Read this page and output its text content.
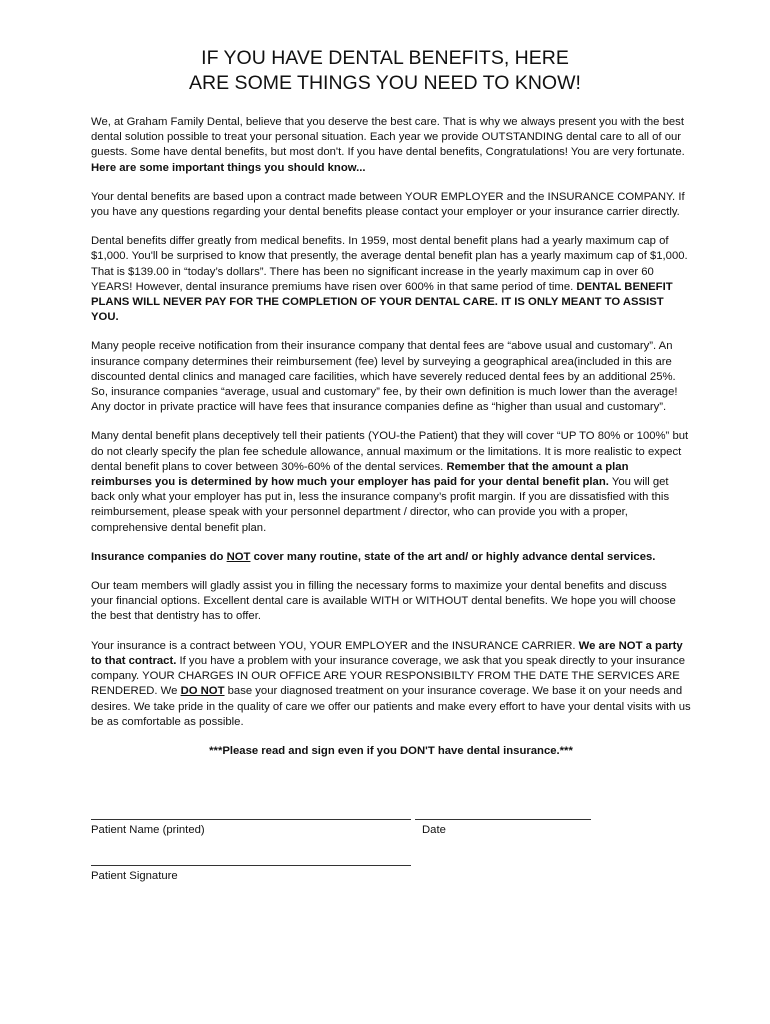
IF YOU HAVE DENTAL BENEFITS, HERE
ARE SOME THINGS YOU NEED TO KNOW!

We, at Graham Family Dental, believe that you deserve the best care. That is why we always present you with the best dental solution possible to treat your personal situation. Each year we provide OUTSTANDING dental care to all of our guests. Some have dental benefits, but most don't. If you have dental benefits, Congratulations! You are very fortunate. Here are some important things you should know...

Your dental benefits are based upon a contract made between YOUR EMPLOYER and the INSURANCE COMPANY. If you have any questions regarding your dental benefits please contact your employer or your insurance carrier directly.

Dental benefits differ greatly from medical benefits. In 1959, most dental benefit plans had a yearly maximum cap of $1,000. You'll be surprised to know that presently, the average dental benefit plan has a yearly maximum cap of $1,000. That is $139.00 in “today’s dollars”. There has been no significant increase in the yearly maximum cap in over 60 YEARS! However, dental insurance premiums have risen over 600% in that same period of time. DENTAL BENEFIT PLANS WILL NEVER PAY FOR THE COMPLETION OF YOUR DENTAL CARE. IT IS ONLY MEANT TO ASSIST YOU.

Many people receive notification from their insurance company that dental fees are “above usual and customary”. An insurance company determines their reimbursement (fee) level by surveying a geographical area(included in this are discounted dental clinics and managed care facilities, which have severely reduced dental fees by an additional 25%. So, insurance companies “average, usual and customary” fee, by their own definition is much lower than the average! Any doctor in private practice will have fees that insurance companies define as “higher than usual and customary”.

Many dental benefit plans deceptively tell their patients (YOU-the Patient) that they will cover “UP TO 80% or 100%” but do not clearly specify the plan fee schedule allowance, annual maximum or the limitations. It is more realistic to expect dental benefit plans to cover between 30%-60% of the dental services. Remember that the amount a plan reimburses you is determined by how much your employer has paid for your dental benefit plan. You will get back only what your employer has put in, less the insurance company’s profit margin. If you are dissatisfied with this reimbursement, please speak with your personnel department / director, who can provide you with a proper, comprehensive dental benefit plan.

Insurance companies do NOT cover many routine, state of the art and/ or highly advance dental services.

Our team members will gladly assist you in filling the necessary forms to maximize your dental benefits and discuss your financial options. Excellent dental care is available WITH or WITHOUT dental benefits. We hope you will choose the best that dentistry has to offer.

Your insurance is a contract between YOU, YOUR EMPLOYER and the INSURANCE CARRIER. We are NOT a party to that contract. If you have a problem with your insurance coverage, we ask that you speak directly to your insurance company. YOUR CHARGES IN OUR OFFICE ARE YOUR RESPONSIBILTY FROM THE DATE THE SERVICES ARE RENDERED. We DO NOT base your diagnosed treatment on your insurance coverage. We base it on your needs and desires. We take pride in the quality of care we offer our patients and make every effort to have your dental visits with us be as comfortable as possible.

***Please read and sign even if you DON'T have dental insurance.***

Patient Name (printed)	Date
Patient Signature
